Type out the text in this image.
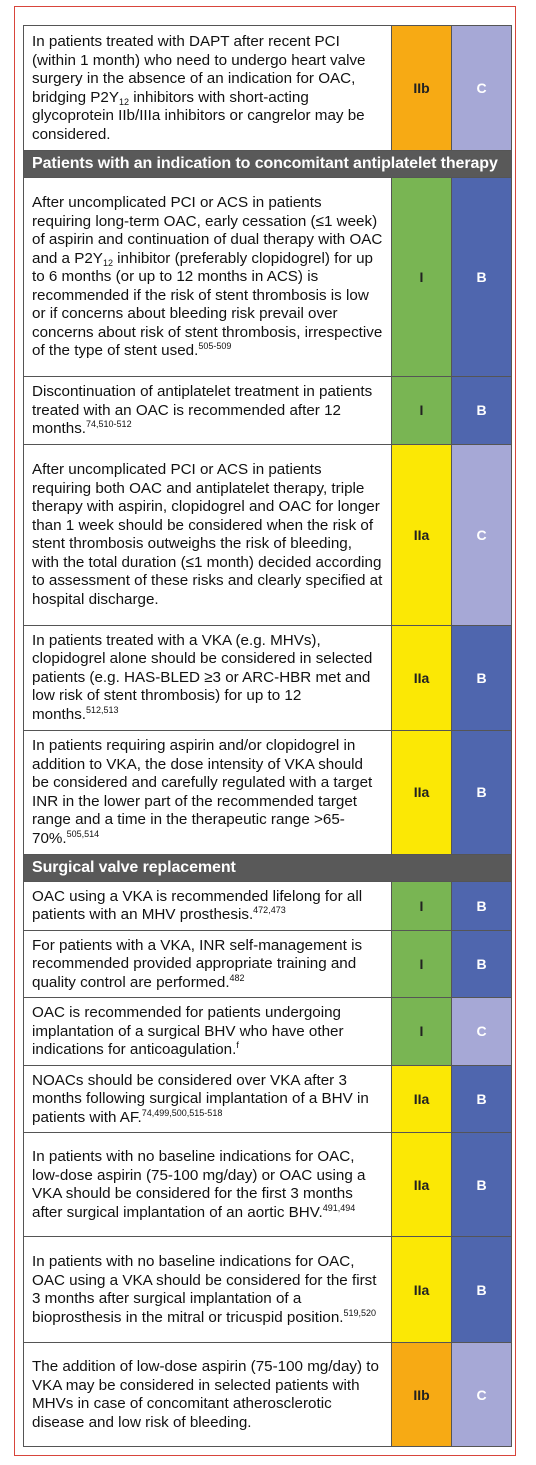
In patients treated with DAPT after recent PCI (within 1 month) who need to undergo heart valve surgery in the absence of an indication for OAC, bridging $P2Y_{12}$ inhibitors with short-acting glycoprotein IIb/IIIa inhibitors or cangrelor may be considered.	IIb	C
Patients with an indication to concomitant antiplatelet therapy		
After uncomplicated PCI or ACS in patients requiring long-term OAC, early cessation (≤1 week) of aspirin and continuation of dual therapy with OAC and a $P2Y_{12}$ inhibitor (preferably clopidogrel) for up to 6 months (or up to 12 months in ACS) is recommended if the risk of stent thrombosis is low or if concerns about bleeding risk prevail over concerns about risk of stent thrombosis, irrespective of the type of stent used.$^{505-509}$	I	B
Discontinuation of antiplatelet treatment in patients treated with an OAC is recommended after 12 months.$^{74,510-512}$	I	B
After uncomplicated PCI or ACS in patients requiring both OAC and antiplatelet therapy, triple therapy with aspirin, clopidogrel and OAC for longer than 1 week should be considered when the risk of stent thrombosis outweighs the risk of bleeding, with the total duration (≤1 month) decided according to assessment of these risks and clearly specified at hospital discharge.	IIa	C
In patients treated with a VKA (e.g. MHVs), clopidogrel alone should be considered in selected patients (e.g. HAS-BLED ≥3 or ARC-HBR met and low risk of stent thrombosis) for up to 12 months.$^{512,513}$	IIa	B
In patients requiring aspirin and/or clopidogrel in addition to VKA, the dose intensity of VKA should be considered and carefully regulated with a target INR in the lower part of the recommended target range and a time in the therapeutic range >65-70%.$^{505,514}$	IIa	B
Surgical valve replacement		
OAC using a VKA is recommended lifelong for all patients with an MHV prosthesis.$^{472,473}$	I	B
For patients with a VKA, INR self-management is recommended provided appropriate training and quality control are performed.$^{482}$	I	B
OAC is recommended for patients undergoing implantation of a surgical BHV who have other indications for anticoagulation.$^f$	I	C
NOACs should be considered over VKA after 3 months following surgical implantation of a BHV in patients with AF.$^{74,499,500,515-518}$	IIa	B
In patients with no baseline indications for OAC, low-dose aspirin (75-100 mg/day) or OAC using a VKA should be considered for the first 3 months after surgical implantation of an aortic BHV.$^{491,494}$	IIa	B
In patients with no baseline indications for OAC, OAC using a VKA should be considered for the first 3 months after surgical implantation of a bioprosthesis in the mitral or tricuspid position.$^{519,520}$	IIa	B
The addition of low-dose aspirin (75-100 mg/day) to VKA may be considered in selected patients with MHVs in case of concomitant atherosclerotic disease and low risk of bleeding.	IIb	C
